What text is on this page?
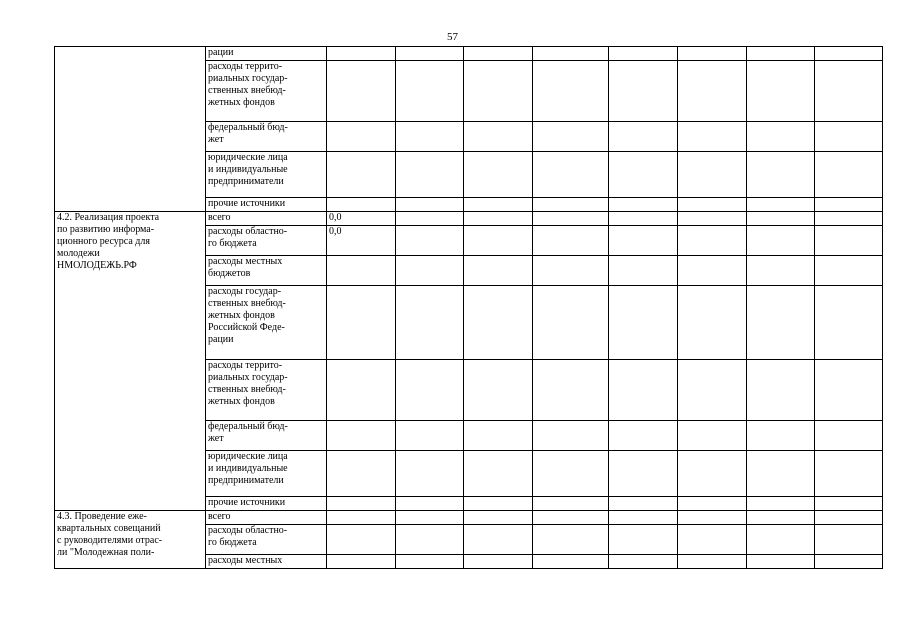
57
	рации								
	расходы террито-
риальных государ-
ственных внебюд-
жетных фондов								
	федеральный бюд-
жет								
	юридические лица
и индивидуальные
предприниматели								
	прочие источники								
4.2. Реализация проекта
по развитию информа-
ционного ресурса для
молодежи
НМОЛОДЕЖЬ.РФ	всего	0,0							
	расходы областно-
го бюджета	0,0							
	расходы местных
бюджетов								
	расходы государ-
ственных внебюд-
жетных фондов
Российской Феде-
рации								
	расходы террито-
риальных государ-
ственных внебюд-
жетных фондов								
	федеральный бюд-
жет								
	юридические лица
и индивидуальные
предприниматели								
	прочие источники								
4.3. Проведение еже-
квартальных совещаний
с руководителями отрас-
ли "Молодежная поли-	всего								
	расходы областно-
го бюджета								
	расходы местных								
